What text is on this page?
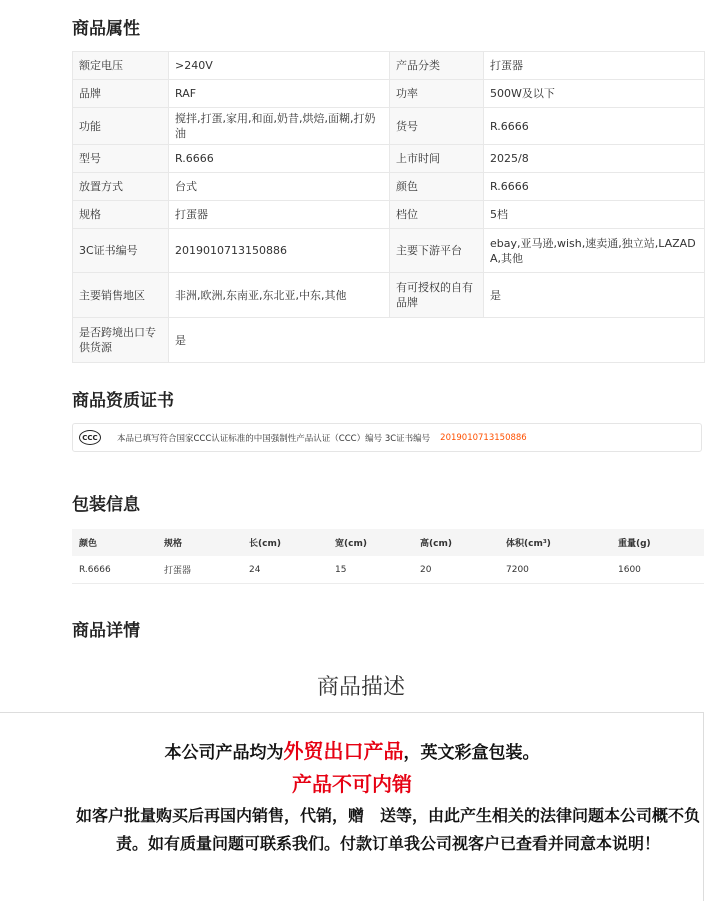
商品属性
额定电压	>240V	产品分类	打蛋器
品牌	RAF	功率	500W及以下
功能	搅拌,打蛋,家用,和面,奶昔,烘焙,面糊,打奶油	货号	R.6666
型号	R.6666	上市时间	2025/8
放置方式	台式	颜色	R.6666
规格	打蛋器	档位	5档
3C证书编号	2019010713150886	主要下游平台	ebay,亚马逊,wish,速卖通,独立站,LAZADA,其他
主要销售地区	非洲,欧洲,东南亚,东北亚,中东,其他	有可授权的自有品牌	是
是否跨境出口专供货源	是		
商品资质证书
CCC	本品已填写符合国家CCC认证标准的中国强制性产品认证（CCC）编号 3C证书编号 2019010713150886
包装信息
颜色	规格	长(cm)	宽(cm)	高(cm)	体积(cm³)	重量(g)
R.6666	打蛋器	24	15	20	7200	1600
商品详情
商品描述
本公司产品均为外贸出口产品，英文彩盒包装。
产品不可内销

如客户批量购买后再国内销售，代销，赠　送等，由此产生相关的法律问题本公司概不负责。如有质量问题可联系我们。付款订单我公司视客户已查看并同意本说明！
